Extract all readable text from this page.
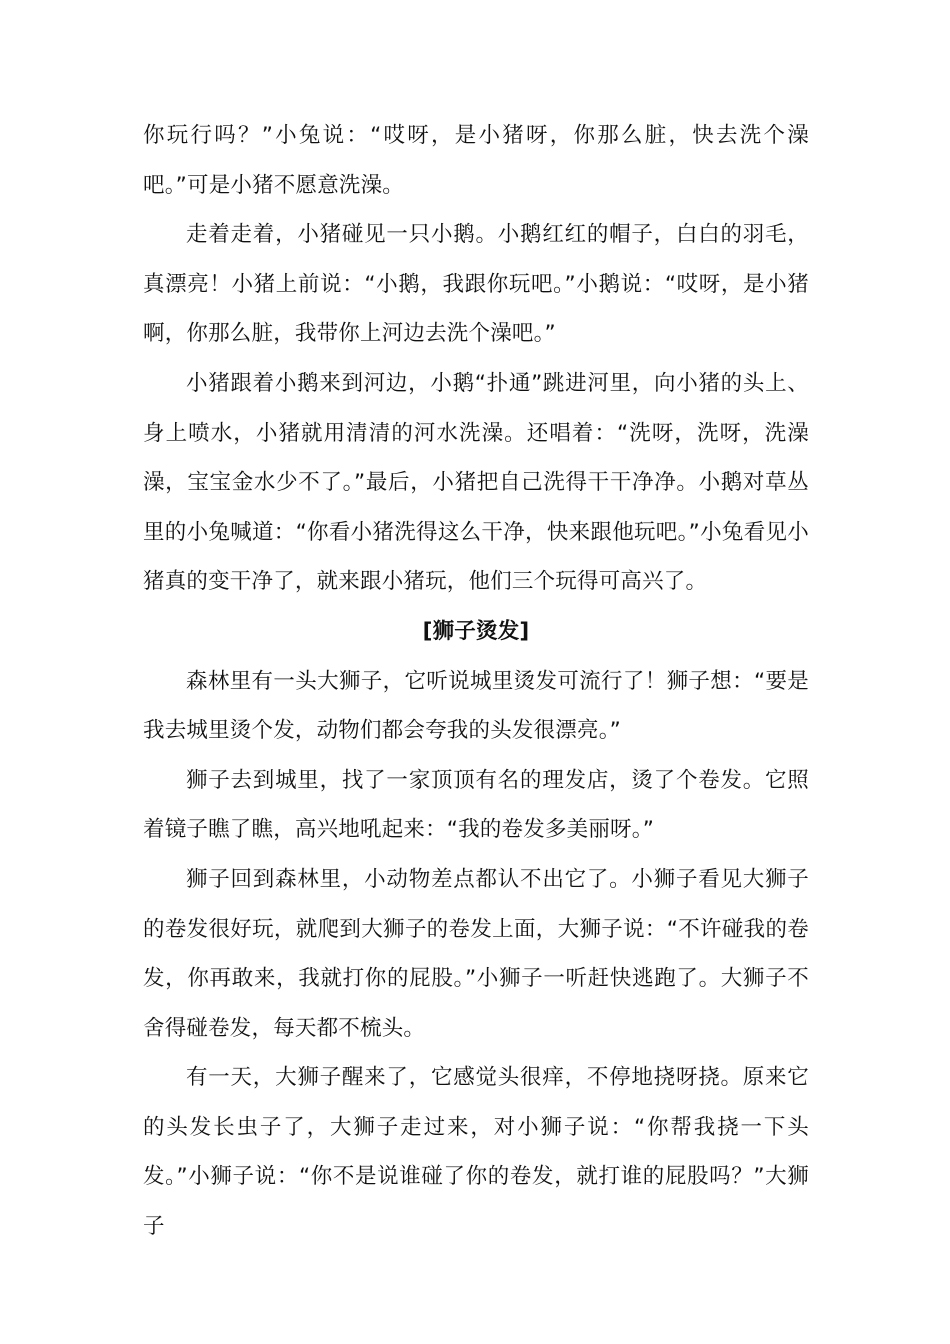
你玩行吗？”小兔说：“哎呀，是小猪呀，你那么脏，快去洗个澡吧。”可是小猪不愿意洗澡。

走着走着，小猪碰见一只小鹅。小鹅红红的帽子，白白的羽毛，真漂亮！小猪上前说：“小鹅，我跟你玩吧。”小鹅说：“哎呀，是小猪啊，你那么脏，我带你上河边去洗个澡吧。”

小猪跟着小鹅来到河边，小鹅“扑通”跳进河里，向小猪的头上、身上喷水，小猪就用清清的河水洗澡。还唱着：“洗呀，洗呀，洗澡澡，宝宝金水少不了。”最后，小猪把自己洗得干干净净。小鹅对草丛里的小兔喊道：“你看小猪洗得这么干净，快来跟他玩吧。”小兔看见小猪真的变干净了，就来跟小猪玩，他们三个玩得可高兴了。

[狮子烫发]

森林里有一头大狮子，它听说城里烫发可流行了！狮子想：“要是我去城里烫个发，动物们都会夸我的头发很漂亮。”

狮子去到城里，找了一家顶顶有名的理发店，烫了个卷发。它照着镜子瞧了瞧，高兴地吼起来：“我的卷发多美丽呀。”

狮子回到森林里，小动物差点都认不出它了。小狮子看见大狮子的卷发很好玩，就爬到大狮子的卷发上面，大狮子说：“不许碰我的卷发，你再敢来，我就打你的屁股。”小狮子一听赶快逃跑了。大狮子不舍得碰卷发，每天都不梳头。

有一天，大狮子醒来了，它感觉头很痒，不停地挠呀挠。原来它的头发长虫子了，大狮子走过来，对小狮子说：“你帮我挠一下头发。”小狮子说：“你不是说谁碰了你的卷发，就打谁的屁股吗？”大狮子
